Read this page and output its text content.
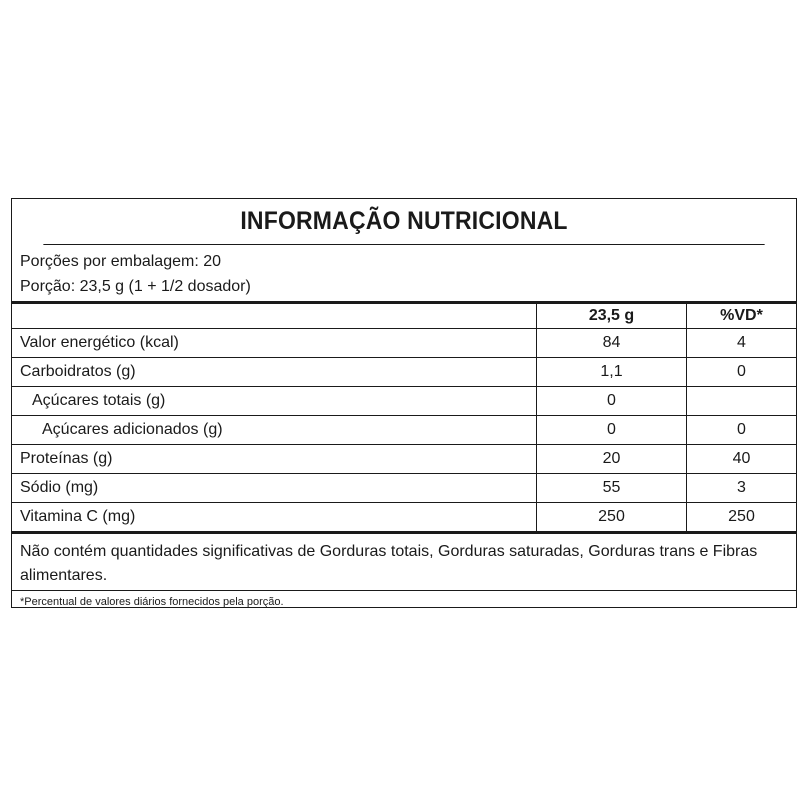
INFORMAÇÃO NUTRICIONAL
Porções por embalagem: 20
Porção: 23,5 g (1 + 1/2 dosador)
	23,5 g	%VD*
Valor energético (kcal)	84	4
Carboidratos (g)	1,1	0
Açúcares totais (g)	0	
Açúcares adicionados (g)	0	0
Proteínas (g)	20	40
Sódio (mg)	55	3
Vitamina C (mg)	250	250
Não contém quantidades significativas de Gorduras totais, Gorduras saturadas, Gorduras trans e Fibras alimentares.
*Percentual de valores diários fornecidos pela porção.
